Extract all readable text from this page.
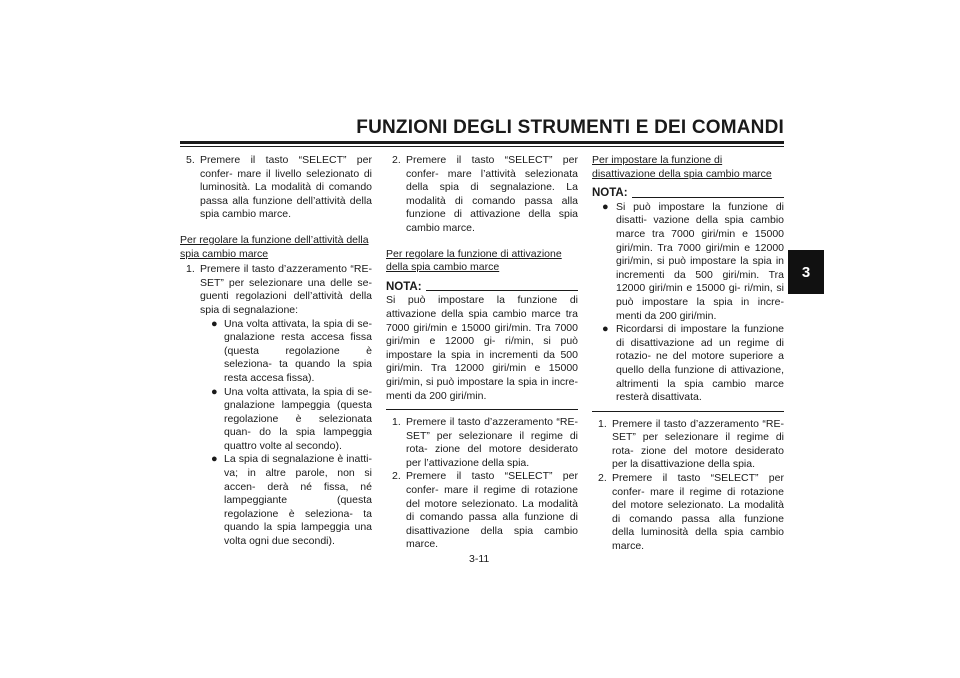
FUNZIONI DEGLI STRUMENTI E DEI COMANDI
3
5. Premere il tasto “SELECT” per confer- mare il livello selezionato di luminosità. La modalità di comando passa alla funzione dell’attività della spia cambio marce.
Per regolare la funzione dell’attività della spia cambio marce
1. Premere il tasto d’azzeramento “RE- SET” per selezionare una delle se- guenti regolazioni dell’attività della spia di segnalazione:
● Una volta attivata, la spia di se- gnalazione resta accesa fissa (questa regolazione è seleziona- ta quando la spia resta accesa fissa).
● Una volta attivata, la spia di se- gnalazione lampeggia (questa regolazione è selezionata quan- do la spia lampeggia quattro volte al secondo).
● La spia di segnalazione è inatti- va; in altre parole, non si accen- derà né fissa, né lampeggiante (questa regolazione è seleziona- ta quando la spia lampeggia una volta ogni due secondi).
2. Premere il tasto “SELECT” per confer- mare l’attività selezionata della spia di segnalazione. La modalità di comando passa alla funzione di attivazione della spia cambio marce.
Per regolare la funzione di attivazione della spia cambio marce
NOTA:
Si può impostare la funzione di attivazione della spia cambio marce tra 7000 giri/min e 15000 giri/min. Tra 7000 giri/min e 12000 gi- ri/min, si può impostare la spia in incrementi da 500 giri/min. Tra 12000 giri/min e 15000 giri/min, si può impostare la spia in incre- menti da 200 giri/min.
1. Premere il tasto d’azzeramento “RE- SET” per selezionare il regime di rota- zione del motore desiderato per l’attivazione della spia.
2. Premere il tasto “SELECT” per confer- mare il regime di rotazione del motore selezionato. La modalità di comando passa alla funzione di disattivazione della spia cambio marce.
Per impostare la funzione di disattivazione della spia cambio marce
NOTA:
● Si può impostare la funzione di disatti- vazione della spia cambio marce tra 7000 giri/min e 15000 giri/min. Tra 7000 giri/min e 12000 giri/min, si può impostare la spia in incrementi da 500 giri/min. Tra 12000 giri/min e 15000 gi- ri/min, si può impostare la spia in incre- menti da 200 giri/min.
● Ricordarsi di impostare la funzione di disattivazione ad un regime di rotazio- ne del motore superiore a quello della funzione di attivazione, altrimenti la spia cambio marce resterà disattivata.
1. Premere il tasto d’azzeramento “RE- SET” per selezionare il regime di rota- zione del motore desiderato per la disattivazione della spia.
2. Premere il tasto “SELECT” per confer- mare il regime di rotazione del motore selezionato. La modalità di comando passa alla funzione della luminosità della spia cambio marce.
3-11
